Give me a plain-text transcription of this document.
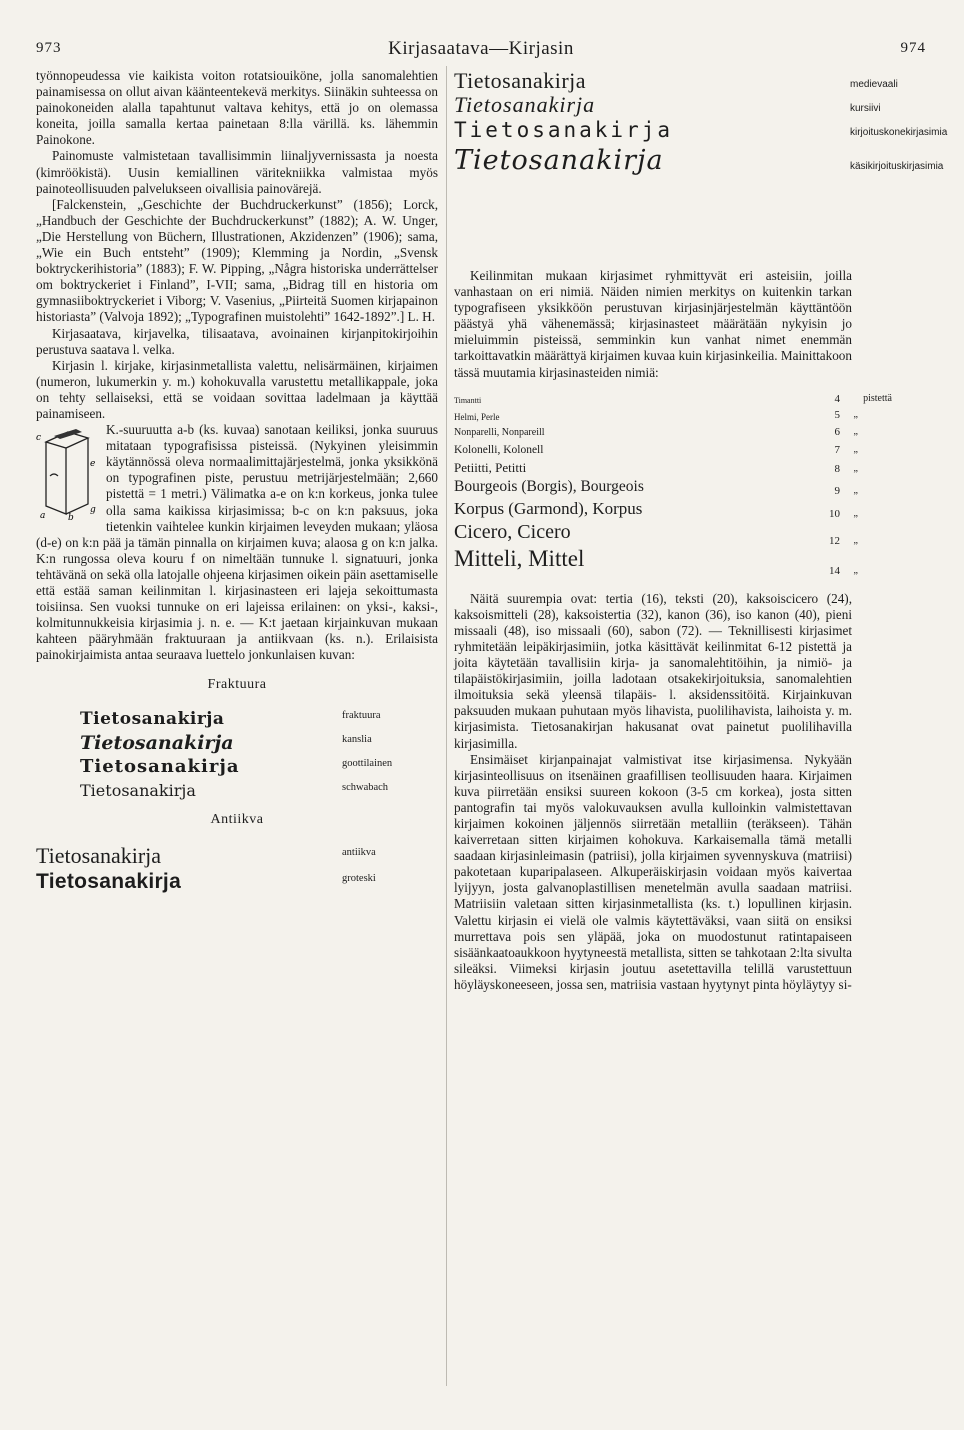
973	Kirjasaatava—Kirjasin	974

työnnopeudessa vie kaikista voiton rotatsiouiköne, jolla sanomalehtien painamisessa on ollut aivan käänteentekevä merkitys. Siinäkin suhteessa on painokoneiden alalla tapahtunut valtava kehitys, että jo on olemassa koneita, joilla samalla kertaa painetaan 8:lla värillä. ks. lähemmin Painokone.

Painomuste valmistetaan tavallisimmin liinaljyvernissasta ja noesta (kimröökistä). Uusin kemiallinen väritekniikka valmistaa myös painoteollisuuden palvelukseen oivallisia painovärejä.

[Falckenstein, „Geschichte der Buchdruckerkunst” (1856); Lorck, „Handbuch der Geschichte der Buchdruckerkunst” (1882); A. W. Unger, „Die Herstellung von Büchern, Illustrationen, Akzidenzen” (1906); sama, „Wie ein Buch entsteht” (1909); Klemming ja Nordin, „Svensk boktryckerihistoria” (1883); F. W. Pipping, „Några historiska underrättelser om boktryckeriet i Finland”, I-VII; sama, „Bidrag till en historia om gymnasiiboktryckeriet i Viborg; V. Vasenius, „Piirteitä Suomen kirjapainon historiasta” (Valvoja 1892); „Typografinen muistolehti” 1642-1892”.] L. H.

Kirjasaatava, kirjavelka, tilisaatava, avoinainen kirjanpitokirjoihin perustuva saatava l. velka.

Kirjasin l. kirjake, kirjasinmetallista valettu, nelisärmäinen, kirjaimen (numeron, lukumerkin y. m.) kohokuvalla varustettu metallikappale, joka on tehty sellaiseksi, että se voidaan sovittaa ladelmaan ja käyttää painamiseen.

c
a	b
e
g

K.-suuruutta a-b (ks. kuvaa) sanotaan keiliksi, jonka suuruus mitataan typografisissa pisteissä. (Nykyinen yleisimmin käytännössä oleva normaalimittajärjestelmä, jonka yksikkönä on typografinen piste, perustuu metrijärjestelmään; 2,660 pistettä = 1 metri.) Välimatka a-e on k:n korkeus, jonka tulee olla sama kaikissa kirjasimissa; b-c on k:n paksuus, joka tietenkin vaihtelee kunkin kirjaimen leveyden mukaan; yläosa (d-e) on k:n pää ja tämän pinnalla on kirjaimen kuva; alaosa g on k:n jalka. K:n rungossa oleva kouru f on nimeltään tunnuke l. signatuuri, jonka tehtävänä on sekä olla latojalle ohjeena kirjasimen oikein päin asettamiselle että estää saman keilinmitan l. kirjasinasteen eri lajeja sekoittumasta toisiinsa. Sen vuoksi tunnuke on eri lajeissa erilainen: on yksi-, kaksi-, kolmitunnukkeisia kirjasimia j. n. e. — K:t jaetaan kirjainkuvan mukaan kahteen pääryhmään fraktuuraan ja antiikvaan (ks. n.). Erilaisista painokirjaimista antaa seuraava luettelo jonkunlaisen kuvan:

Fraktuura
Tietosanakirja	fraktuura
Tietosanakirja	kanslia
Tietosanakirja	goottilainen
Tietosanakirja	schwabach
Antiikva
Tietosanakirja	antiikva
Tietosanakirja	groteski
Tietosanakirja	medievaali
Tietosanakirja	kursiivi
Tietosanakirja	kirjoituskonekirjasimia
Tietosanakirja	käsikirjoituskirjasimia

Keilinmitan mukaan kirjasimet ryhmittyvät eri asteisiin, joilla vanhastaan on eri nimiä. Näiden nimien merkitys on kuitenkin tarkan typografiseen yksikköön perustuvan kirjasinjärjestelmän käyttäntöön päästyä yhä vähenemässä; kirjasinasteet määrätään nykyisin jo mieluimmin pisteissä, semminkin kun vanhat nimet enemmän tarkoittavatkin määrättyä kirjaimen kuvaa kuin kirjasinkeilia. Mainittakoon tässä muutamia kirjasinasteiden nimiä:

Timantti	4 pistettä
Helmi, Perle	5 „
Nonparelli, Nonpareill	6 „
Kolonelli, Kolonell	7 „
Petiitti, Petitti	8 „
Bourgeois (Borgis), Bourgeois	9 „
Korpus (Garmond), Korpus	10 „
Cicero, Cicero	12 „
Mitteli, Mittel	14 „

Näitä suurempia ovat: tertia (16), teksti (20), kaksoiscicero (24), kaksoismitteli (28), kaksoistertia (32), kanon (36), iso kanon (40), pieni missaali (48), iso missaali (60), sabon (72). — Teknillisesti kirjasimet ryhmitetään leipäkirjasimiin, jotka käsittävät keilinmitat 6-12 pistettä ja joita käytetään tavallisiin kirja- ja sanomalehtitöihin, ja nimiö- ja tilapäistökirjasimiin, joilla ladotaan otsakekirjoituksia, sanomalehtien ilmoituksia sekä yleensä tilapäis- l. aksidenssitöitä. Kirjainkuvan paksuuden mukaan puhutaan myös lihavista, puolilihavista, laihoista y. m. kirjasimista. Tietosanakirjan hakusanat ovat painetut puolilihavilla kirjasimilla.

Ensimäiset kirjanpainajat valmistivat itse kirjasimensa. Nykyään kirjasinteollisuus on itsenäinen graafillisen teollisuuden haara. Kirjaimen kuva piirretään ensiksi suureen kokoon (3-5 cm korkea), josta sitten pantografin tai myös valokuvauksen avulla kulloinkin valmistettavan kirjaimen kokoinen jäljennös siirretään metalliin (teräkseen). Tähän kaiverretaan sitten kirjaimen kohokuva. Karkaisemalla tämä metalli saadaan kirjasinleimasin (patriisi), jolla kirjaimen syvennyskuva (matriisi) pakotetaan kuparipalaseen. Alkuperäiskirjasin voidaan myös kaivertaa lyijyyn, josta galvanoplastillisen menetelmän avulla saadaan matriisi. Matriisiin valetaan sitten kirjasinmetallista (ks. t.) lopullinen kirjasin. Valettu kirjasin ei vielä ole valmis käytettäväksi, vaan siitä on ensiksi murrettava pois sen yläpää, joka on muodostunut ratintapaiseen sisäänkaatoaukkoon hyytyneestä metallista, sitten se tahkotaan 2:lta sivulta sileäksi. Viimeksi kirjasin joutuu asetettavilla telillä varustettuun höyläyskoneeseen, jossa sen, matriisia vastaan hyytynyt pinta höyläytyy si-
